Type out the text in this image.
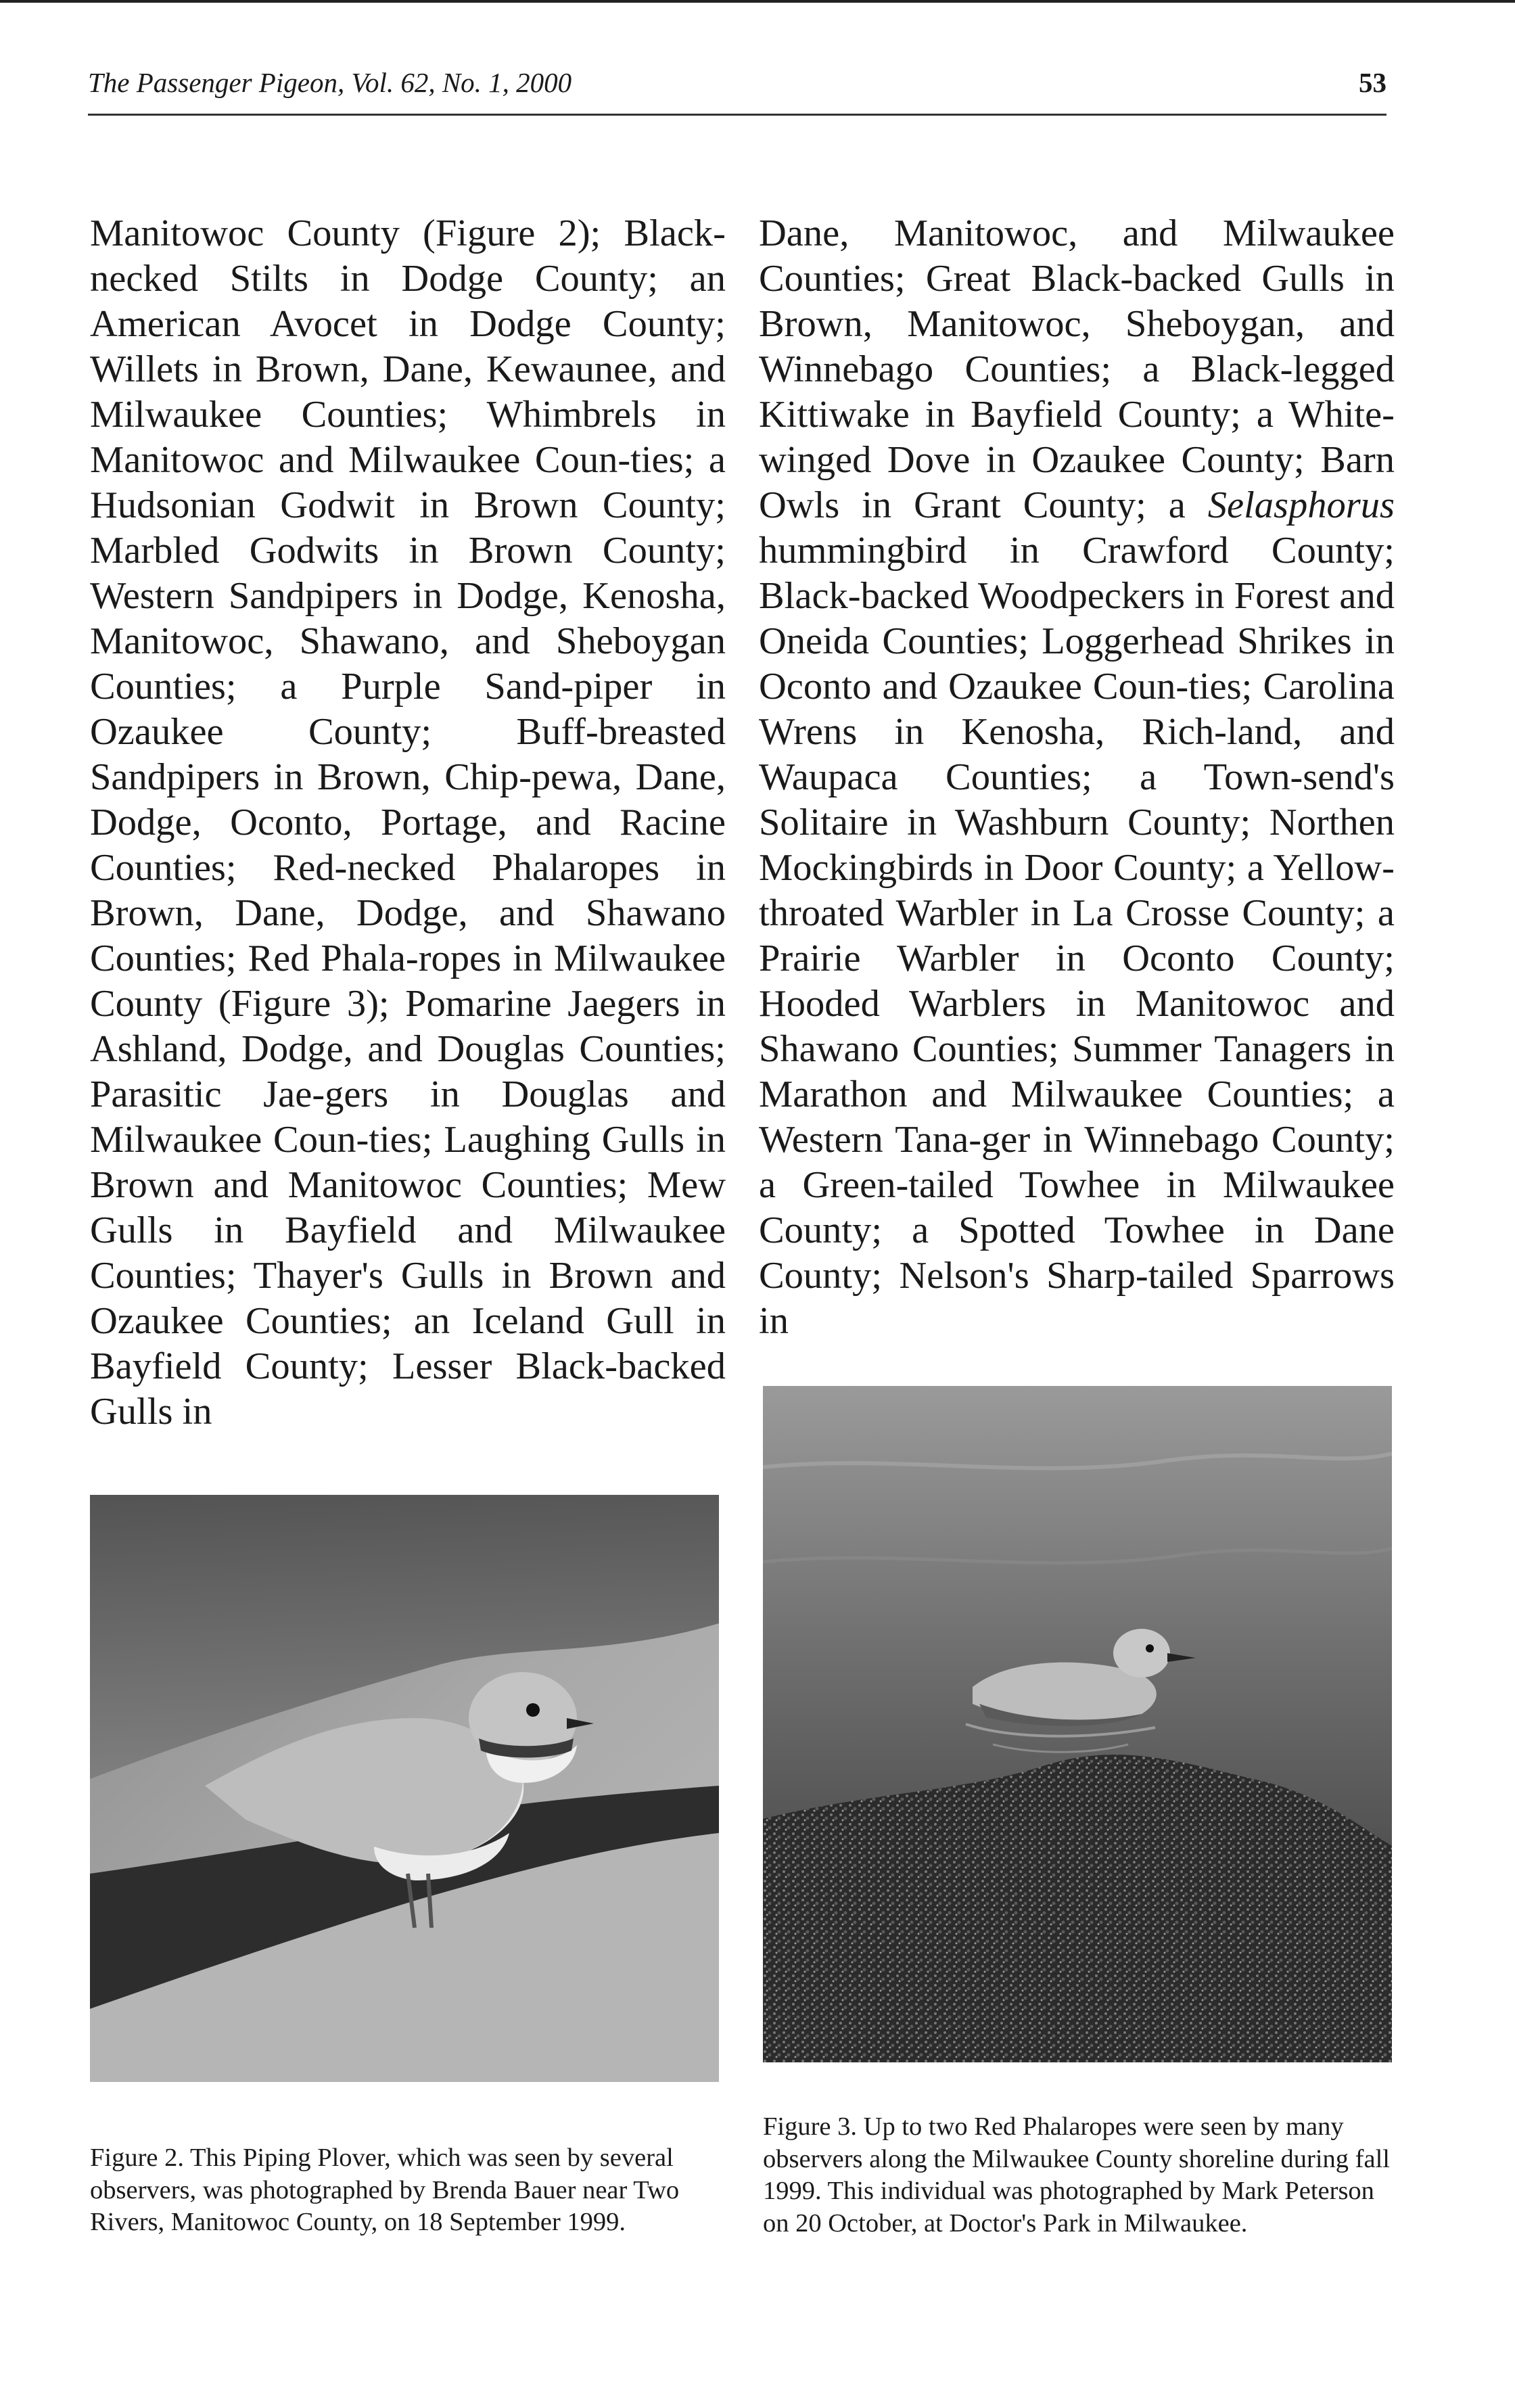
The Passenger Pigeon, Vol. 62, No. 1, 2000	53

Manitowoc County (Figure 2); Black-necked Stilts in Dodge County; an American Avocet in Dodge County; Willets in Brown, Dane, Kewaunee, and Milwaukee Counties; Whimbrels in Manitowoc and Milwaukee Coun-ties; a Hudsonian Godwit in Brown County; Marbled Godwits in Brown County; Western Sandpipers in Dodge, Kenosha, Manitowoc, Shawano, and Sheboygan Counties; a Purple Sand-piper in Ozaukee County; Buff-breasted Sandpipers in Brown, Chip-pewa, Dane, Dodge, Oconto, Portage, and Racine Counties; Red-necked Phalaropes in Brown, Dane, Dodge, and Shawano Counties; Red Phala-ropes in Milwaukee County (Figure 3); Pomarine Jaegers in Ashland, Dodge, and Douglas Counties; Parasitic Jae-gers in Douglas and Milwaukee Coun-ties; Laughing Gulls in Brown and Manitowoc Counties; Mew Gulls in Bayfield and Milwaukee Counties; Thayer's Gulls in Brown and Ozaukee Counties; an Iceland Gull in Bayfield County; Lesser Black-backed Gulls in

Dane, Manitowoc, and Milwaukee Counties; Great Black-backed Gulls in Brown, Manitowoc, Sheboygan, and Winnebago Counties; a Black-legged Kittiwake in Bayfield County; a White-winged Dove in Ozaukee County; Barn Owls in Grant County; a Selasphorus hummingbird in Crawford County; Black-backed Woodpeckers in Forest and Oneida Counties; Loggerhead Shrikes in Oconto and Ozaukee Coun-ties; Carolina Wrens in Kenosha, Rich-land, and Waupaca Counties; a Town-send's Solitaire in Washburn County; Northen Mockingbirds in Door County; a Yellow-throated Warbler in La Crosse County; a Prairie Warbler in Oconto County; Hooded Warblers in Manitowoc and Shawano Counties; Summer Tanagers in Marathon and Milwaukee Counties; a Western Tana-ger in Winnebago County; a Green-tailed Towhee in Milwaukee County; a Spotted Towhee in Dane County; Nelson's Sharp-tailed Sparrows in

Figure 2. This Piping Plover, which was seen by several observers, was photographed by Brenda Bauer near Two Rivers, Manitowoc County, on 18 September 1999.
Figure 3. Up to two Red Phalaropes were seen by many observers along the Milwaukee County shoreline during fall 1999. This individual was photographed by Mark Peterson on 20 October, at Doctor's Park in Milwaukee.
